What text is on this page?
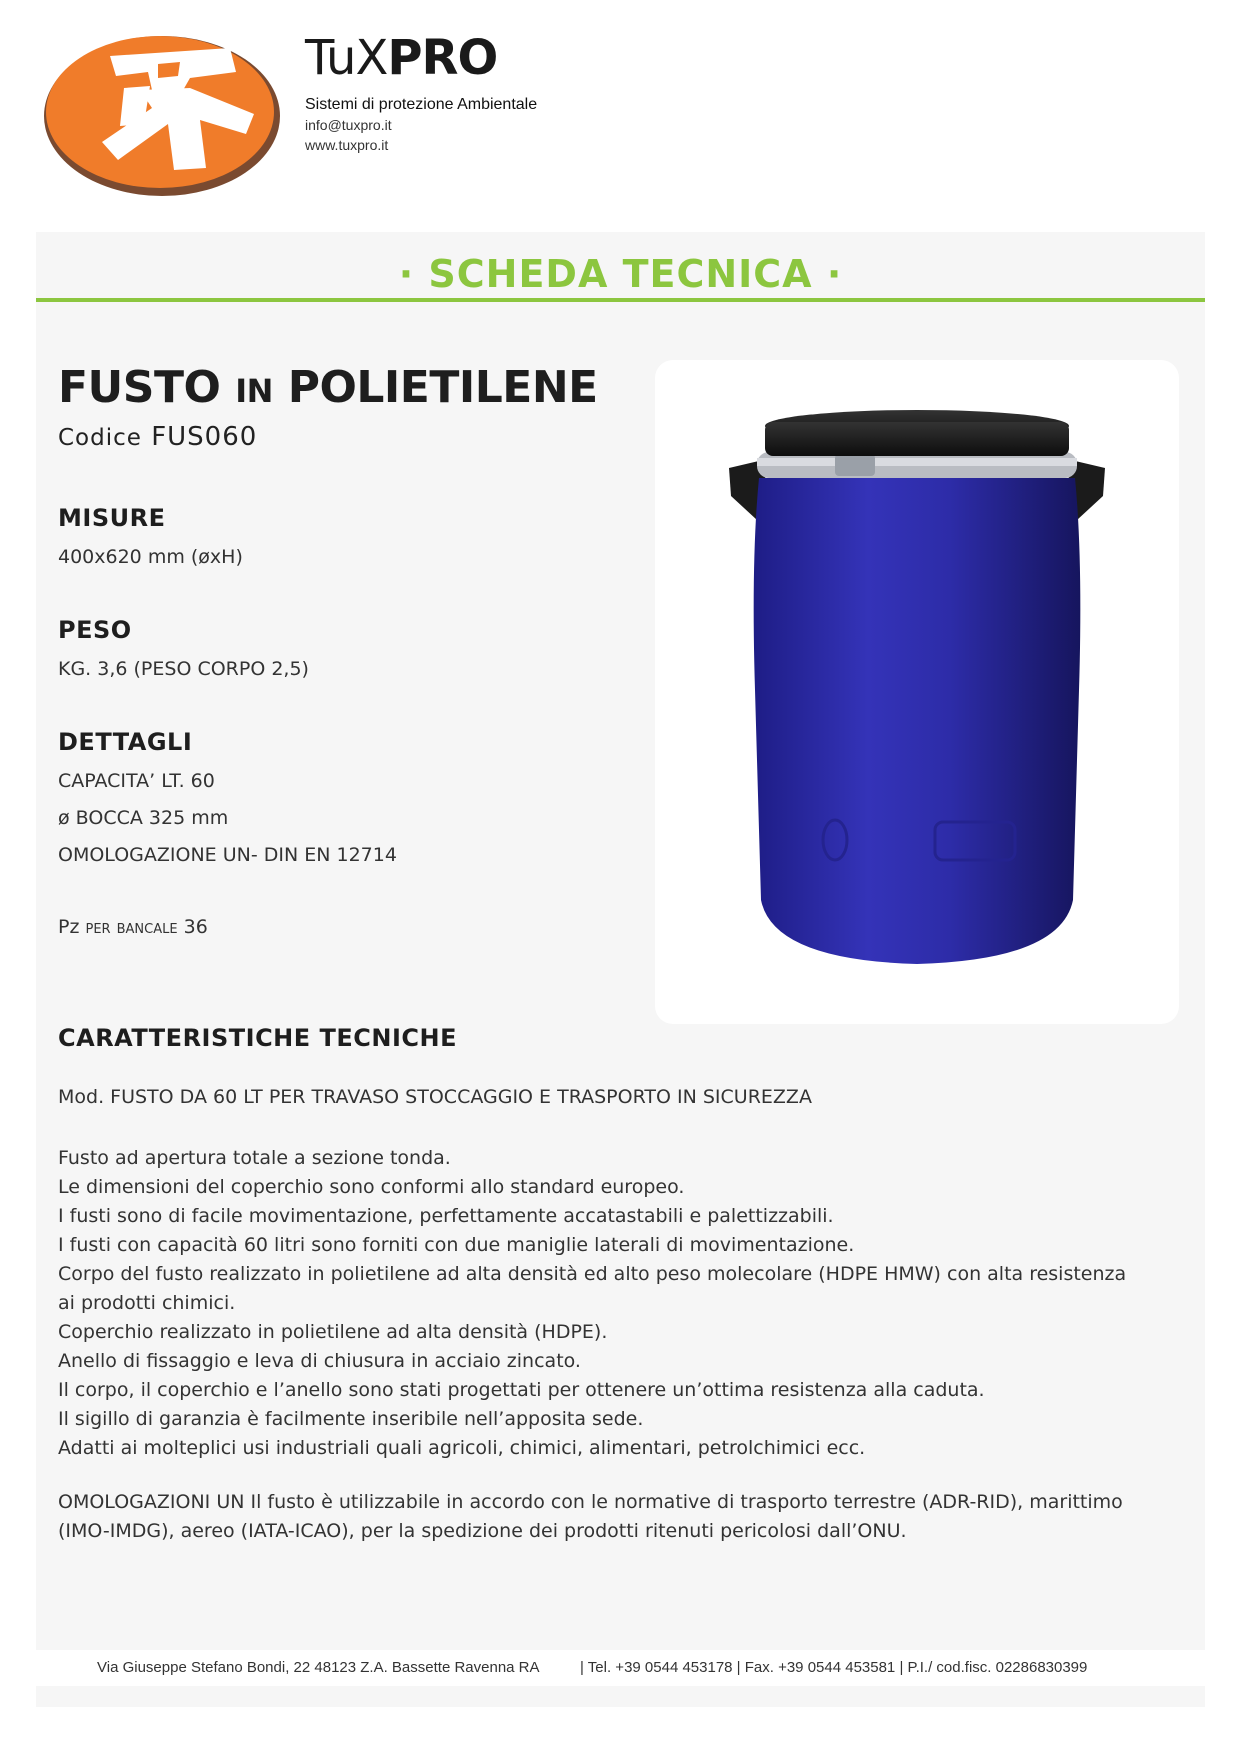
TuXPRO
Sistemi di protezione Ambientale
info@tuxpro.it
www.tuxpro.it
· SCHEDA TECNICA ·
FUSTO IN POLIETILENE
Codice FUS060
MISURE
400x620 mm (øxH)
PESO
KG. 3,6 (PESO CORPO 2,5)
DETTAGLI
CAPACITA’ LT. 60
ø BOCCA 325 mm
OMOLOGAZIONE UN- DIN EN 12714
Pz per bancale 36
CARATTERISTICHE TECNICHE
Mod. FUSTO DA 60 LT PER TRAVASO STOCCAGGIO E TRASPORTO IN SICUREZZA
Fusto ad apertura totale a sezione tonda.
Le dimensioni del coperchio sono conformi allo standard europeo.
I fusti sono di facile movimentazione, perfettamente accatastabili e palettizzabili.
I fusti con capacità 60 litri sono forniti con due maniglie laterali di movimentazione.
Corpo del fusto realizzato in polietilene ad alta densità ed alto peso molecolare (HDPE HMW) con alta resistenza
ai prodotti chimici.
Coperchio realizzato in polietilene ad alta densità (HDPE).
Anello di fissaggio e leva di chiusura in acciaio zincato.
Il corpo, il coperchio e l’anello sono stati progettati per ottenere un’ottima resistenza alla caduta.
Il sigillo di garanzia è facilmente inseribile nell’apposita sede.
Adatti ai molteplici usi industriali quali agricoli, chimici, alimentari, petrolchimici ecc.
OMOLOGAZIONI UN Il fusto è utilizzabile in accordo con le normative di trasporto terrestre (ADR-RID), marittimo
(IMO-IMDG), aereo (IATA-ICAO), per la spedizione dei prodotti ritenuti pericolosi dall’ONU.
Via Giuseppe Stefano Bondi, 22 48123 Z.A. Bassette Ravenna RA	| Tel. +39 0544 453178 | Fax. +39 0544 453581 | P.I./ cod.fisc. 02286830399
